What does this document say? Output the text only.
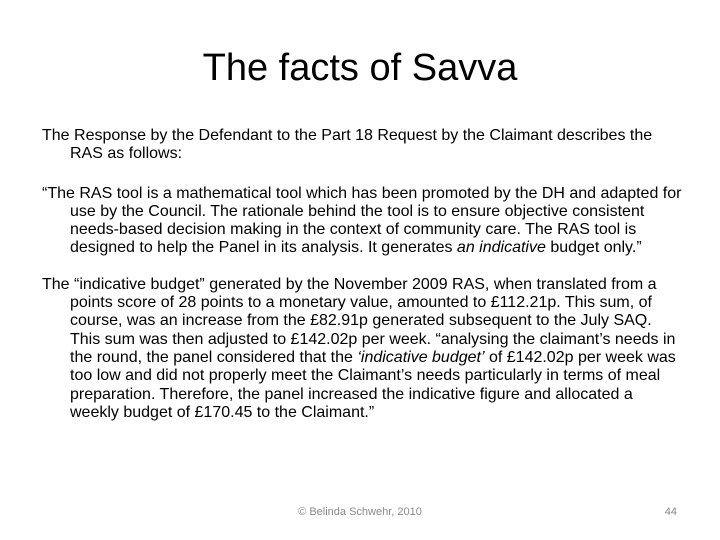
The facts of Savva

The Response by the Defendant to the Part 18 Request by the Claimant describes the RAS as follows:

“The RAS tool is a mathematical tool which has been promoted by the DH and adapted for use by the Council. The rationale behind the tool is to ensure objective consistent needs-based decision making in the context of community care. The RAS tool is designed to help the Panel in its analysis. It generates an indicative budget only.”

The “indicative budget” generated by the November 2009 RAS, when translated from a points score of 28 points to a monetary value, amounted to £112.21p. This sum, of course, was an increase from the £82.91p generated subsequent to the July SAQ. This sum was then adjusted to £142.02p per week. “analysing the claimant’s needs in the round, the panel considered that the ‘indicative budget’ of £142.02p per week was too low and did not properly meet the Claimant’s needs particularly in terms of meal preparation. Therefore, the panel increased the indicative figure and allocated a weekly budget of £170.45 to the Claimant.”

© Belinda Schwehr, 2010	44
